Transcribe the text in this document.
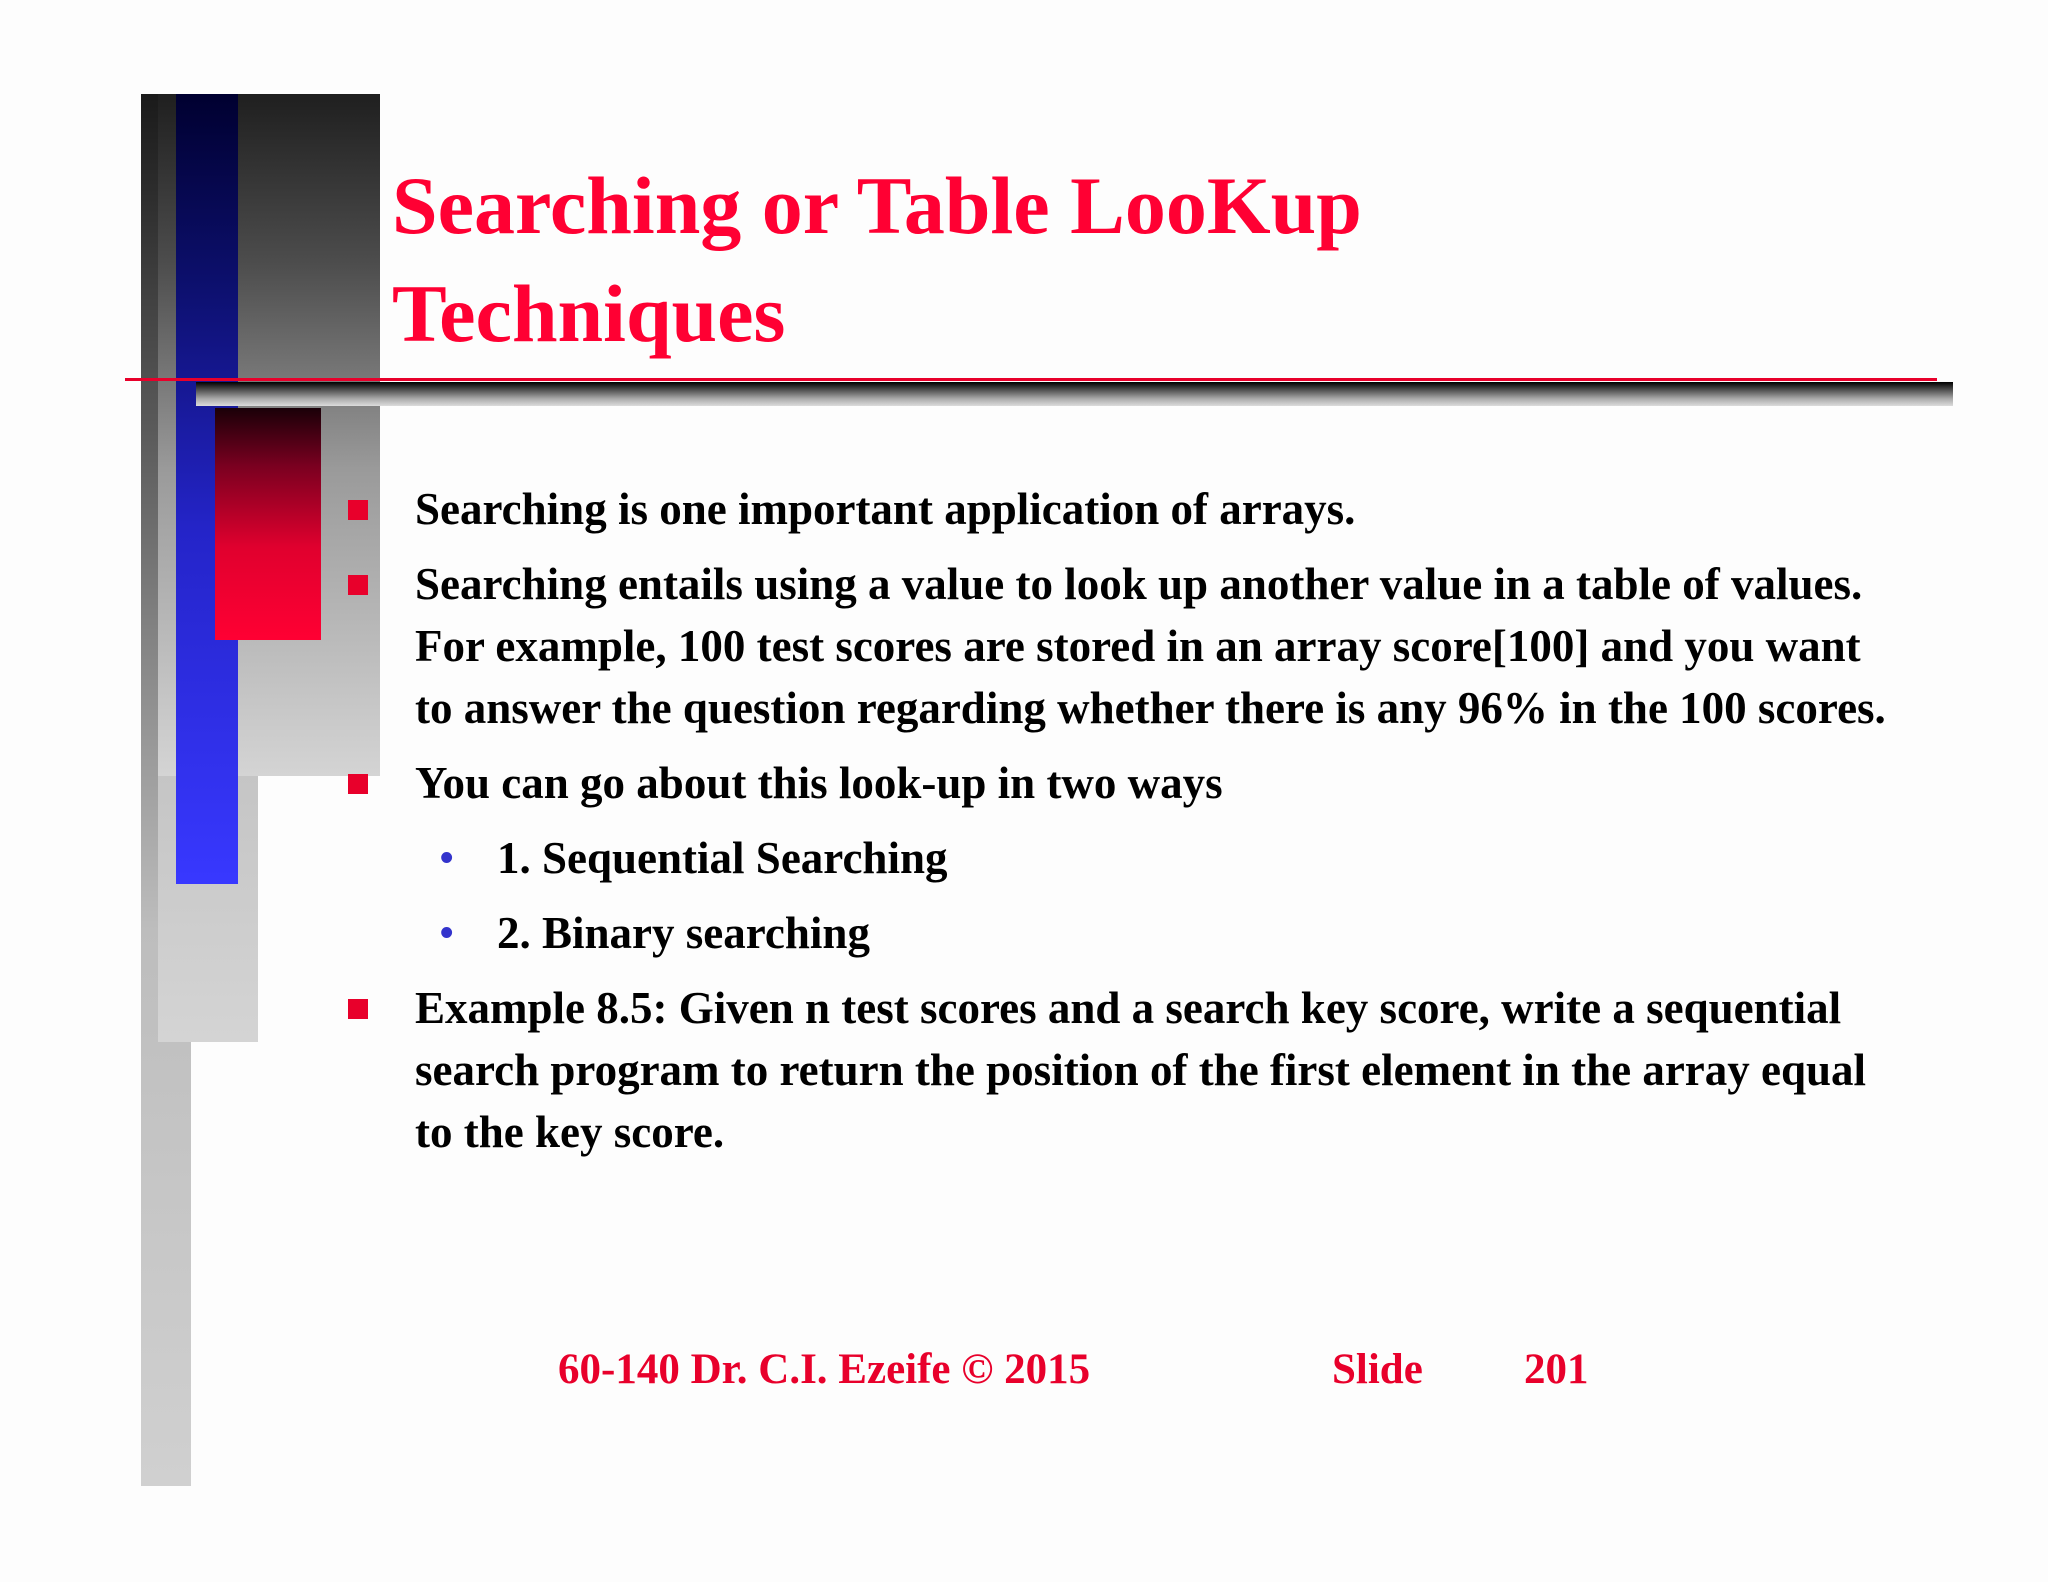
Searching or Table LooKup
Techniques
Searching is one important application of arrays.
Searching entails using a value to look up another value in a table of values. For example, 100 test scores are stored in an array score[100] and you want to answer the question regarding whether there is any 96% in the 100 scores.
You can go about this look-up in two ways
• 1. Sequential Searching
• 2. Binary searching
Example 8.5: Given n test scores and a search key score, write a sequential search program to return the position of the first element in the array equal to the key score.
60-140 Dr. C.I. Ezeife © 2015	Slide 201
